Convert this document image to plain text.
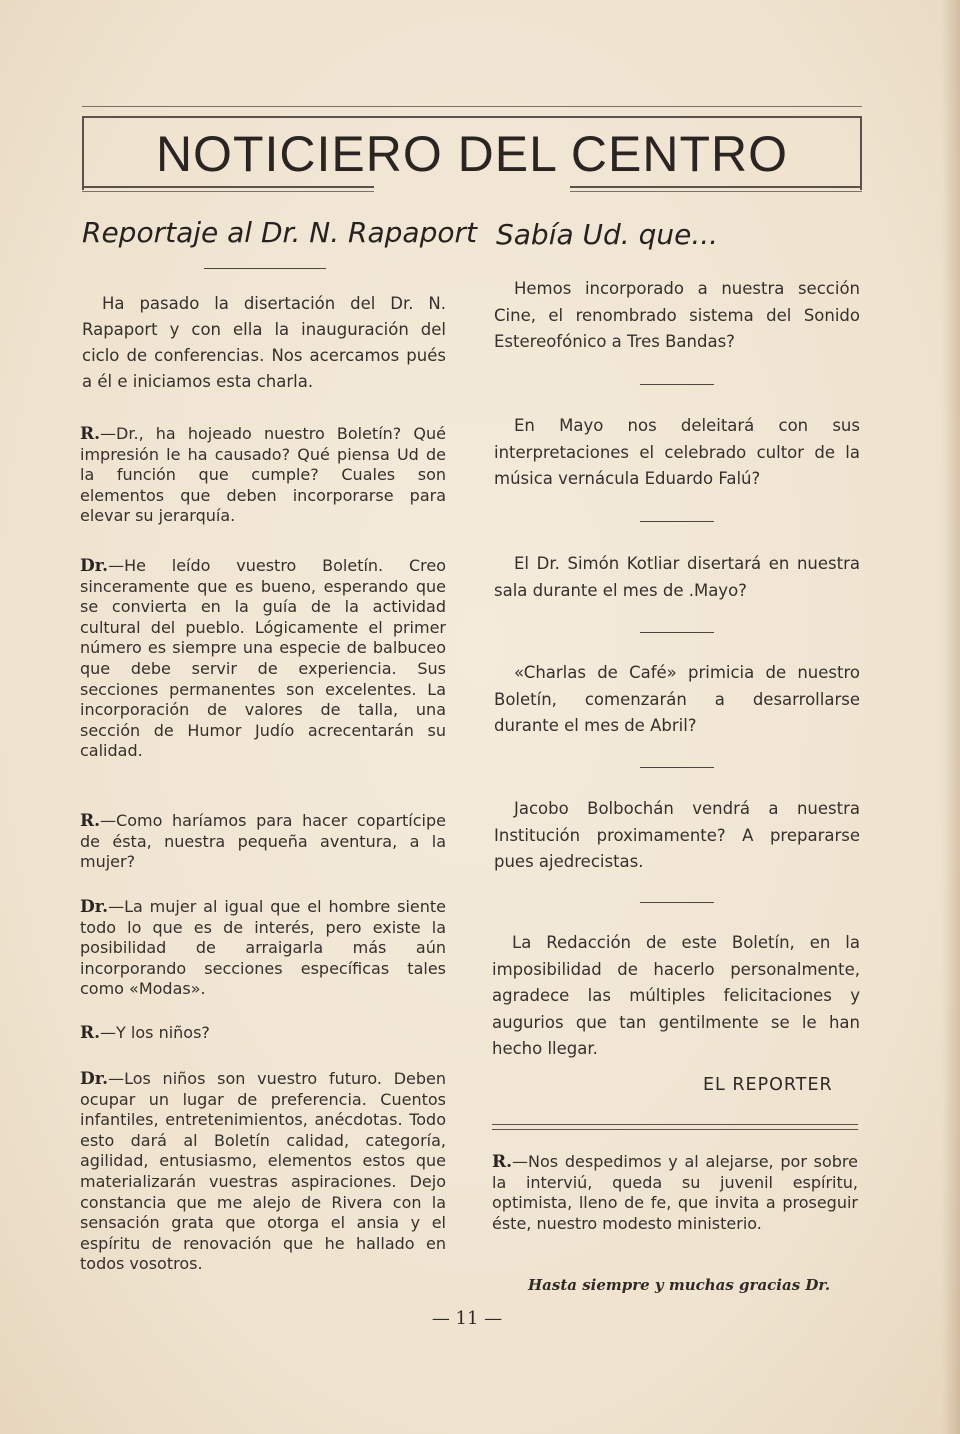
NOTICIERO DEL CENTRO
Reportaje al Dr. N. Rapaport
Ha pasado la disertación del Dr. N. Rapaport y con ella la inauguración del ciclo de conferencias. Nos acercamos pués a él e iniciamos esta charla.
R.—Dr., ha hojeado nuestro Boletín? Qué impresión le ha causado? Qué piensa Ud de la función que cumple? Cuales son elementos que deben incorporarse para elevar su jerarquía.
Dr.—He leído vuestro Boletín. Creo sinceramente que es bueno, esperando que se convierta en la guía de la actividad cultural del pueblo. Lógicamente el primer número es siempre una especie de balbuceo que debe servir de experiencia. Sus secciones permanentes son excelentes. La incorporación de valores de talla, una sección de Humor Judío acrecentarán su calidad.
R.—Como haríamos para hacer copartícipe de ésta, nuestra pequeña aventura, a la mujer?
Dr.—La mujer al igual que el hombre siente todo lo que es de interés, pero existe la posibilidad de arraigarla más aún incorporando secciones específicas tales como «Modas».
R.—Y los niños?
Dr.—Los niños son vuestro futuro. Deben ocupar un lugar de preferencia. Cuentos infantiles, entretenimientos, anécdotas. Todo esto dará al Boletín calidad, categoría, agilidad, entusiasmo, elementos estos que materializarán vuestras aspiraciones. Dejo constancia que me alejo de Rivera con la sensación grata que otorga el ansia y el espíritu de renovación que he hallado en todos vosotros.
Sabía Ud. que...
Hemos incorporado a nuestra sección Cine, el renombrado sistema del Sonido Estereofónico a Tres Bandas?
En Mayo nos deleitará con sus interpretaciones el celebrado cultor de la música vernácula Eduardo Falú?
El Dr. Simón Kotliar disertará en nuestra sala durante el mes de .Mayo?
«Charlas de Café» primicia de nuestro Boletín, comenzarán a desarrollarse durante el mes de Abril?
Jacobo Bolbochán vendrá a nuestra Institución proximamente? A prepararse pues ajedrecistas.
La Redacción de este Boletín, en la imposibilidad de hacerlo personalmente, agradece las múltiples felicitaciones y augurios que tan gentilmente se le han hecho llegar.
EL REPORTER
R.—Nos despedimos y al alejarse, por sobre la interviú, queda su juvenil espíritu, optimista, lleno de fe, que invita a proseguir éste, nuestro modesto ministerio.
Hasta siempre y muchas gracias Dr.
— 11 —
